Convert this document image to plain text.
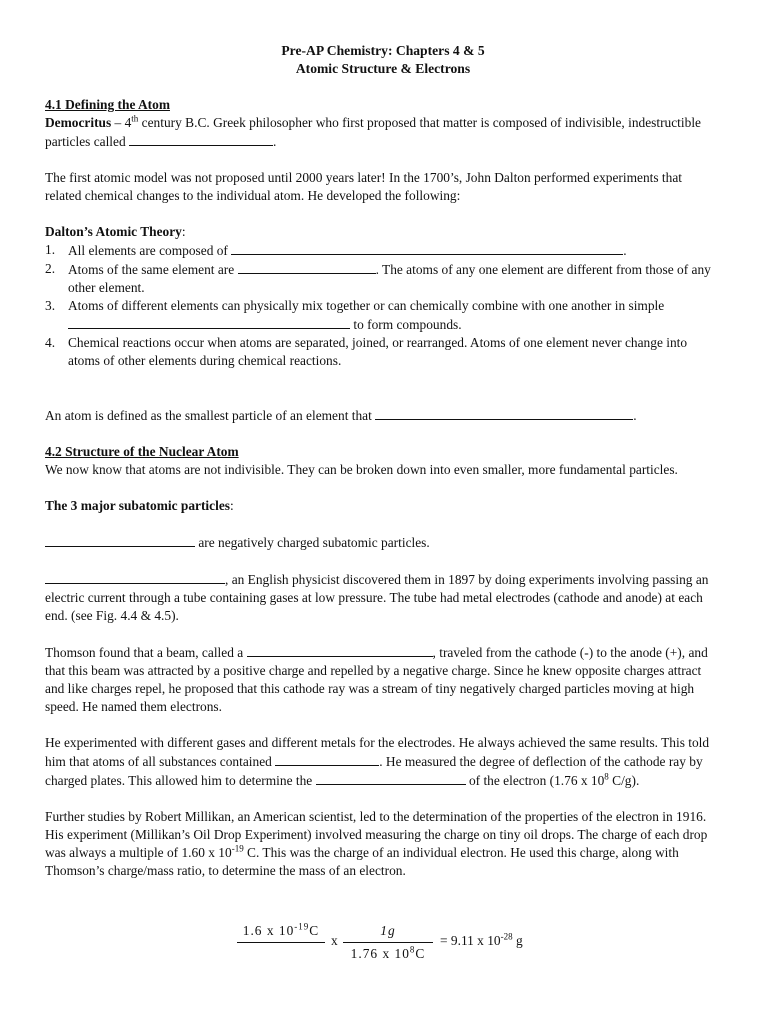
Pre-AP Chemistry: Chapters 4 & 5
Atomic Structure & Electrons
4.1 Defining the Atom

Democritus – 4th century B.C. Greek philosopher who first proposed that matter is composed of indivisible, indestructible particles called	.

The first atomic model was not proposed until 2000 years later! In the 1700’s, John Dalton performed experiments that related chemical changes to the individual atom. He developed the following:

Dalton’s Atomic Theory:
1. All elements are composed of	.
2. Atoms of the same element are	. The atoms of any one element are different from those of any other element.
3. Atoms of different elements can physically mix together or can chemically combine with one another in simple  to form compounds.
4. Chemical reactions occur when atoms are separated, joined, or rearranged. Atoms of one element never change into atoms of other elements during chemical reactions.

An atom is defined as the smallest particle of an element that	.

4.2 Structure of the Nuclear Atom

We now know that atoms are not indivisible. They can be broken down into even smaller, more fundamental particles.

The 3 major subatomic particles:

are negatively charged subatomic particles.

, an English physicist discovered them in 1897 by doing experiments involving passing an electric current through a tube containing gases at low pressure. The tube had metal electrodes (cathode and anode) at each end. (see Fig. 4.4 & 4.5).

Thomson found that a beam, called a	, traveled from the cathode (-) to the anode (+), and that this beam was attracted by a positive charge and repelled by a negative charge. Since he knew opposite charges attract and like charges repel, he proposed that this cathode ray was a stream of tiny negatively charged particles moving at high speed. He named them electrons.

He experimented with different gases and different metals for the electrodes. He always achieved the same results. This told him that atoms of all substances contained	. He measured the degree of deflection of the cathode ray by charged plates. This allowed him to determine the	of the electron (1.76 x $10^8$ C/g).

Further studies by Robert Millikan, an American scientist, led to the determination of the properties of the electron in 1916. His experiment (Millikan’s Oil Drop Experiment) involved measuring the charge on tiny oil drops. The charge of each drop was always a multiple of 1.60 x $10^{-19}$ C. This was the charge of an individual electron. He used this charge, along with Thomson’s charge/mass ratio, to determine the mass of an electron.

1.6 x $10^{-19}C$
x
1g
1.76 x $10^8C$
= 9.11 x $10^{-28}$ g
